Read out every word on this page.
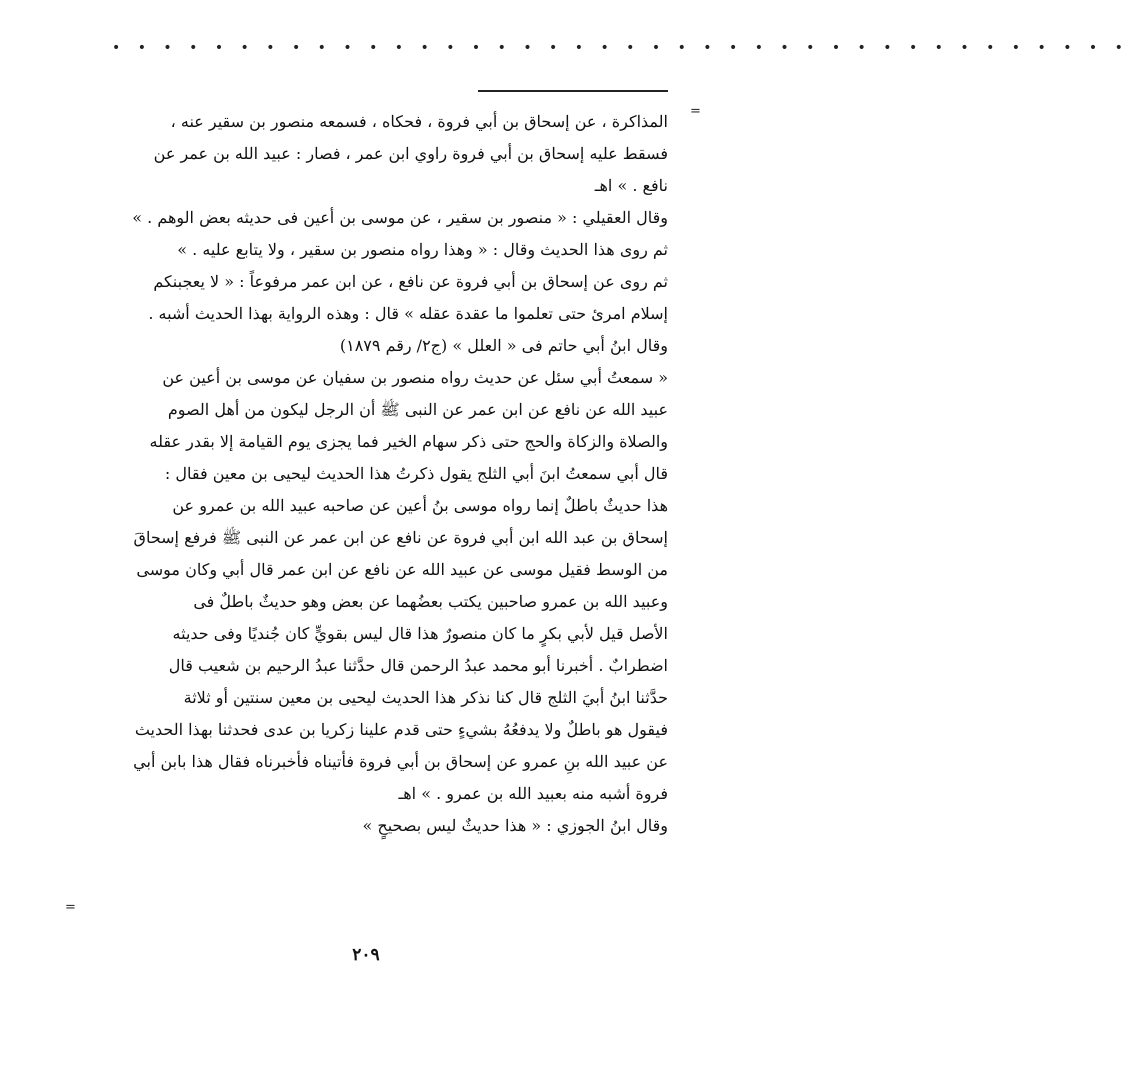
• • • • • • • • • • • • • • • • • • • • • • • • • • • • • • • • • • • • • • • •
=
=
المذاكرة ، عن إسحاق بن أبي فروة ، فحكاه ، فسمعه منصور بن سقير عنه ،
فسقط عليه إسحاق بن أبي فروة راوي ابن عمر ، فصار : عبيد الله بن عمر عن
نافع . » اهـ
وقال العقيلي : « منصور بن سقير ، عن موسى بن أعين فى حديثه بعض الوهم . »
ثم روى هذا الحديث وقال : « وهذا رواه منصور بن سقير ، ولا يتابع عليه . »
ثم روى عن إسحاق بن أبي فروة عن نافع ، عن ابن عمر مرفوعاً : « لا يعجبنكم
إسلام امرئ حتى تعلموا ما عقدة عقله » قال : وهذه الرواية بهذا الحديث أشبه .
وقال ابنُ أبي حاتم فى « العلل » (ج٢/ رقم ١٨٧٩)
« سمعتُ أبي سئل عن حديث رواه منصور بن سفيان عن موسى بن أعين عن
عبيد الله عن نافع عن ابن عمر عن النبى ﷺ أن الرجل ليكون من أهل الصوم
والصلاة والزكاة والحج حتى ذكر سهام الخير فما يجزى يوم القيامة إلا بقدر عقله
قال أبي سمعتُ ابنَ أبي الثلج يقول ذكرتُ هذا الحديث ليحيى بن معين فقال :
هذا حديثٌ باطلٌ إنما رواه موسى بنُ أعين عن صاحبه عبيد الله بن عمرو عن
إسحاق بن عبد الله ابن أبي فروة عن نافع عن ابن عمر عن النبى ﷺ فرفع إسحاقَ
من الوسط فقيل موسى عن عبيد الله عن نافع عن ابن عمر قال أبي وكان موسى
وعبيد الله بن عمرو صاحبين يكتب بعضُهما عن بعض وهو حديثٌ باطلٌ فى
الأصل قيل لأبي بكرٍ ما كان منصورٌ هذا قال ليس بقويٍّ كان جُنديًا وفى حديثه
اضطرابٌ . أخبرنا أبو محمد عبدُ الرحمن قال حدَّثنا عبدُ الرحيم بن شعيب قال
حدَّثنا ابنُ أبيَ الثلج قال كنا نذكر هذا الحديث ليحيى بن معين سنتين أو ثلاثة
فيقول هو باطلٌ ولا يدفعُهُ بشيءٍ حتى قدم علينا زكريا بن عدى فحدثنا بهذا الحديث
عن عبيد الله بنِ عمرو عن إسحاق بن أبي فروة فأتيناه فأخبرناه فقال هذا بابن أبي
فروة أشبه منه بعبيد الله بن عمرو . » اهـ
وقال ابنُ الجوزي : « هذا حديثٌ ليس بصحيحٍ »
٢٠٩
